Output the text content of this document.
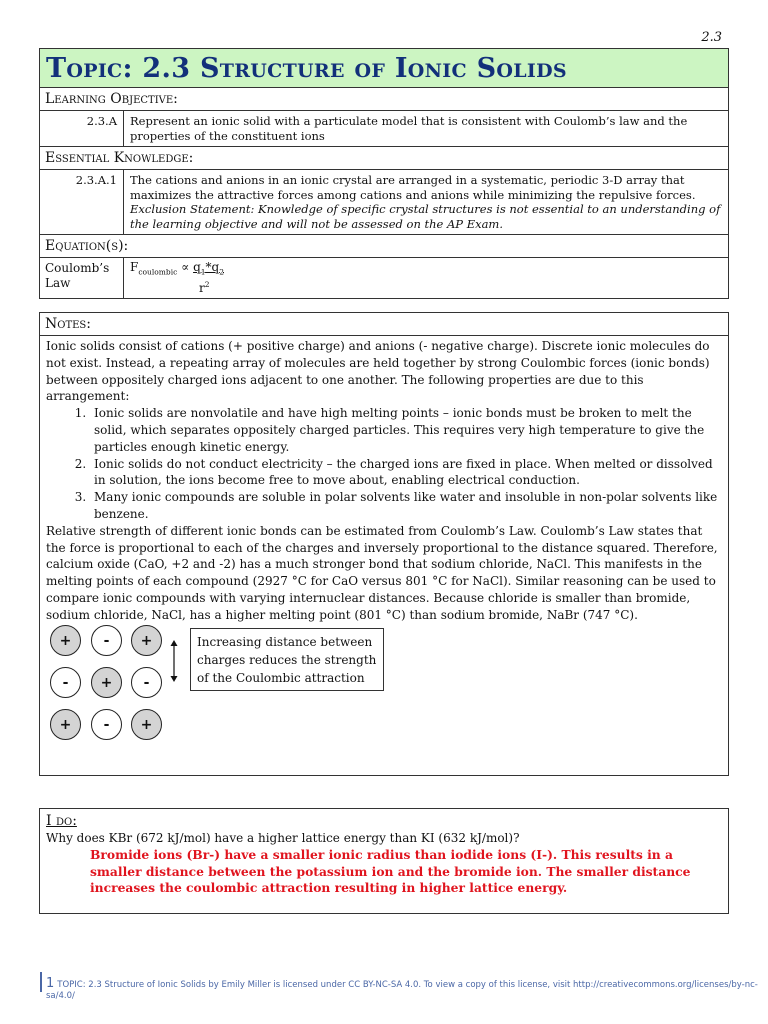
2.3
Topic: 2.3 Structure of Ionic Solids
Learning Objective:
2.3.A	Represent an ionic solid with a particulate model that is consistent with Coulomb’s law and the properties of the constituent ions
Essential Knowledge:
2.3.A.1	The cations and anions in an ionic crystal are arranged in a systematic, periodic 3-D array that maximizes the attractive forces among cations and anions while minimizing the repulsive forces.
Exclusion Statement: Knowledge of specific crystal structures is not essential to an understanding of the learning objective and will not be assessed on the AP Exam.
Equation(s):
Coulomb’s Law
$F_{coulombic} \propto q_1*q_2$
$r^2$
Notes:

Ionic solids consist of cations (+ positive charge) and anions (- negative charge). Discrete ionic molecules do not exist. Instead, a repeating array of molecules are held together by strong Coulombic forces (ionic bonds) between oppositely charged ions adjacent to one another. The following properties are due to this arrangement:

1. Ionic solids are nonvolatile and have high melting points – ionic bonds must be broken to melt the solid, which separates oppositely charged particles. This requires very high temperature to give the particles enough kinetic energy.
2. Ionic solids do not conduct electricity – the charged ions are fixed in place. When melted or dissolved in solution, the ions become free to move about, enabling electrical conduction.
3. Many ionic compounds are soluble in polar solvents like water and insoluble in non-polar solvents like benzene.

Relative strength of different ionic bonds can be estimated from Coulomb’s Law. Coulomb’s Law states that the force is proportional to each of the charges and inversely proportional to the distance squared. Therefore, calcium oxide (CaO, +2 and -2) has a much stronger bond that sodium chloride, NaCl. This manifests in the melting points of each compound (2927 °C for CaO versus 801 °C for NaCl). Similar reasoning can be used to compare ionic compounds with varying internuclear distances. Because chloride is smaller than bromide, sodium chloride, NaCl, has a higher melting point (801 °C) than sodium bromide, NaBr (747 °C).

+	-	+
-	+	-
+	-	+
Increasing distance between charges reduces the strength of the Coulombic attraction
I do:
Why does KBr (672 kJ/mol) have a higher lattice energy than KI (632 kJ/mol)?
Bromide ions (Br-) have a smaller ionic radius than iodide ions (I-). This results in a smaller distance between the potassium ion and the bromide ion. The smaller distance increases the coulombic attraction resulting in higher lattice energy.
1 TOPIC: 2.3 Structure of Ionic Solids by Emily Miller is licensed under CC BY-NC-SA 4.0. To view a copy of this license, visit http://creativecommons.org/licenses/by-nc-sa/4.0/
